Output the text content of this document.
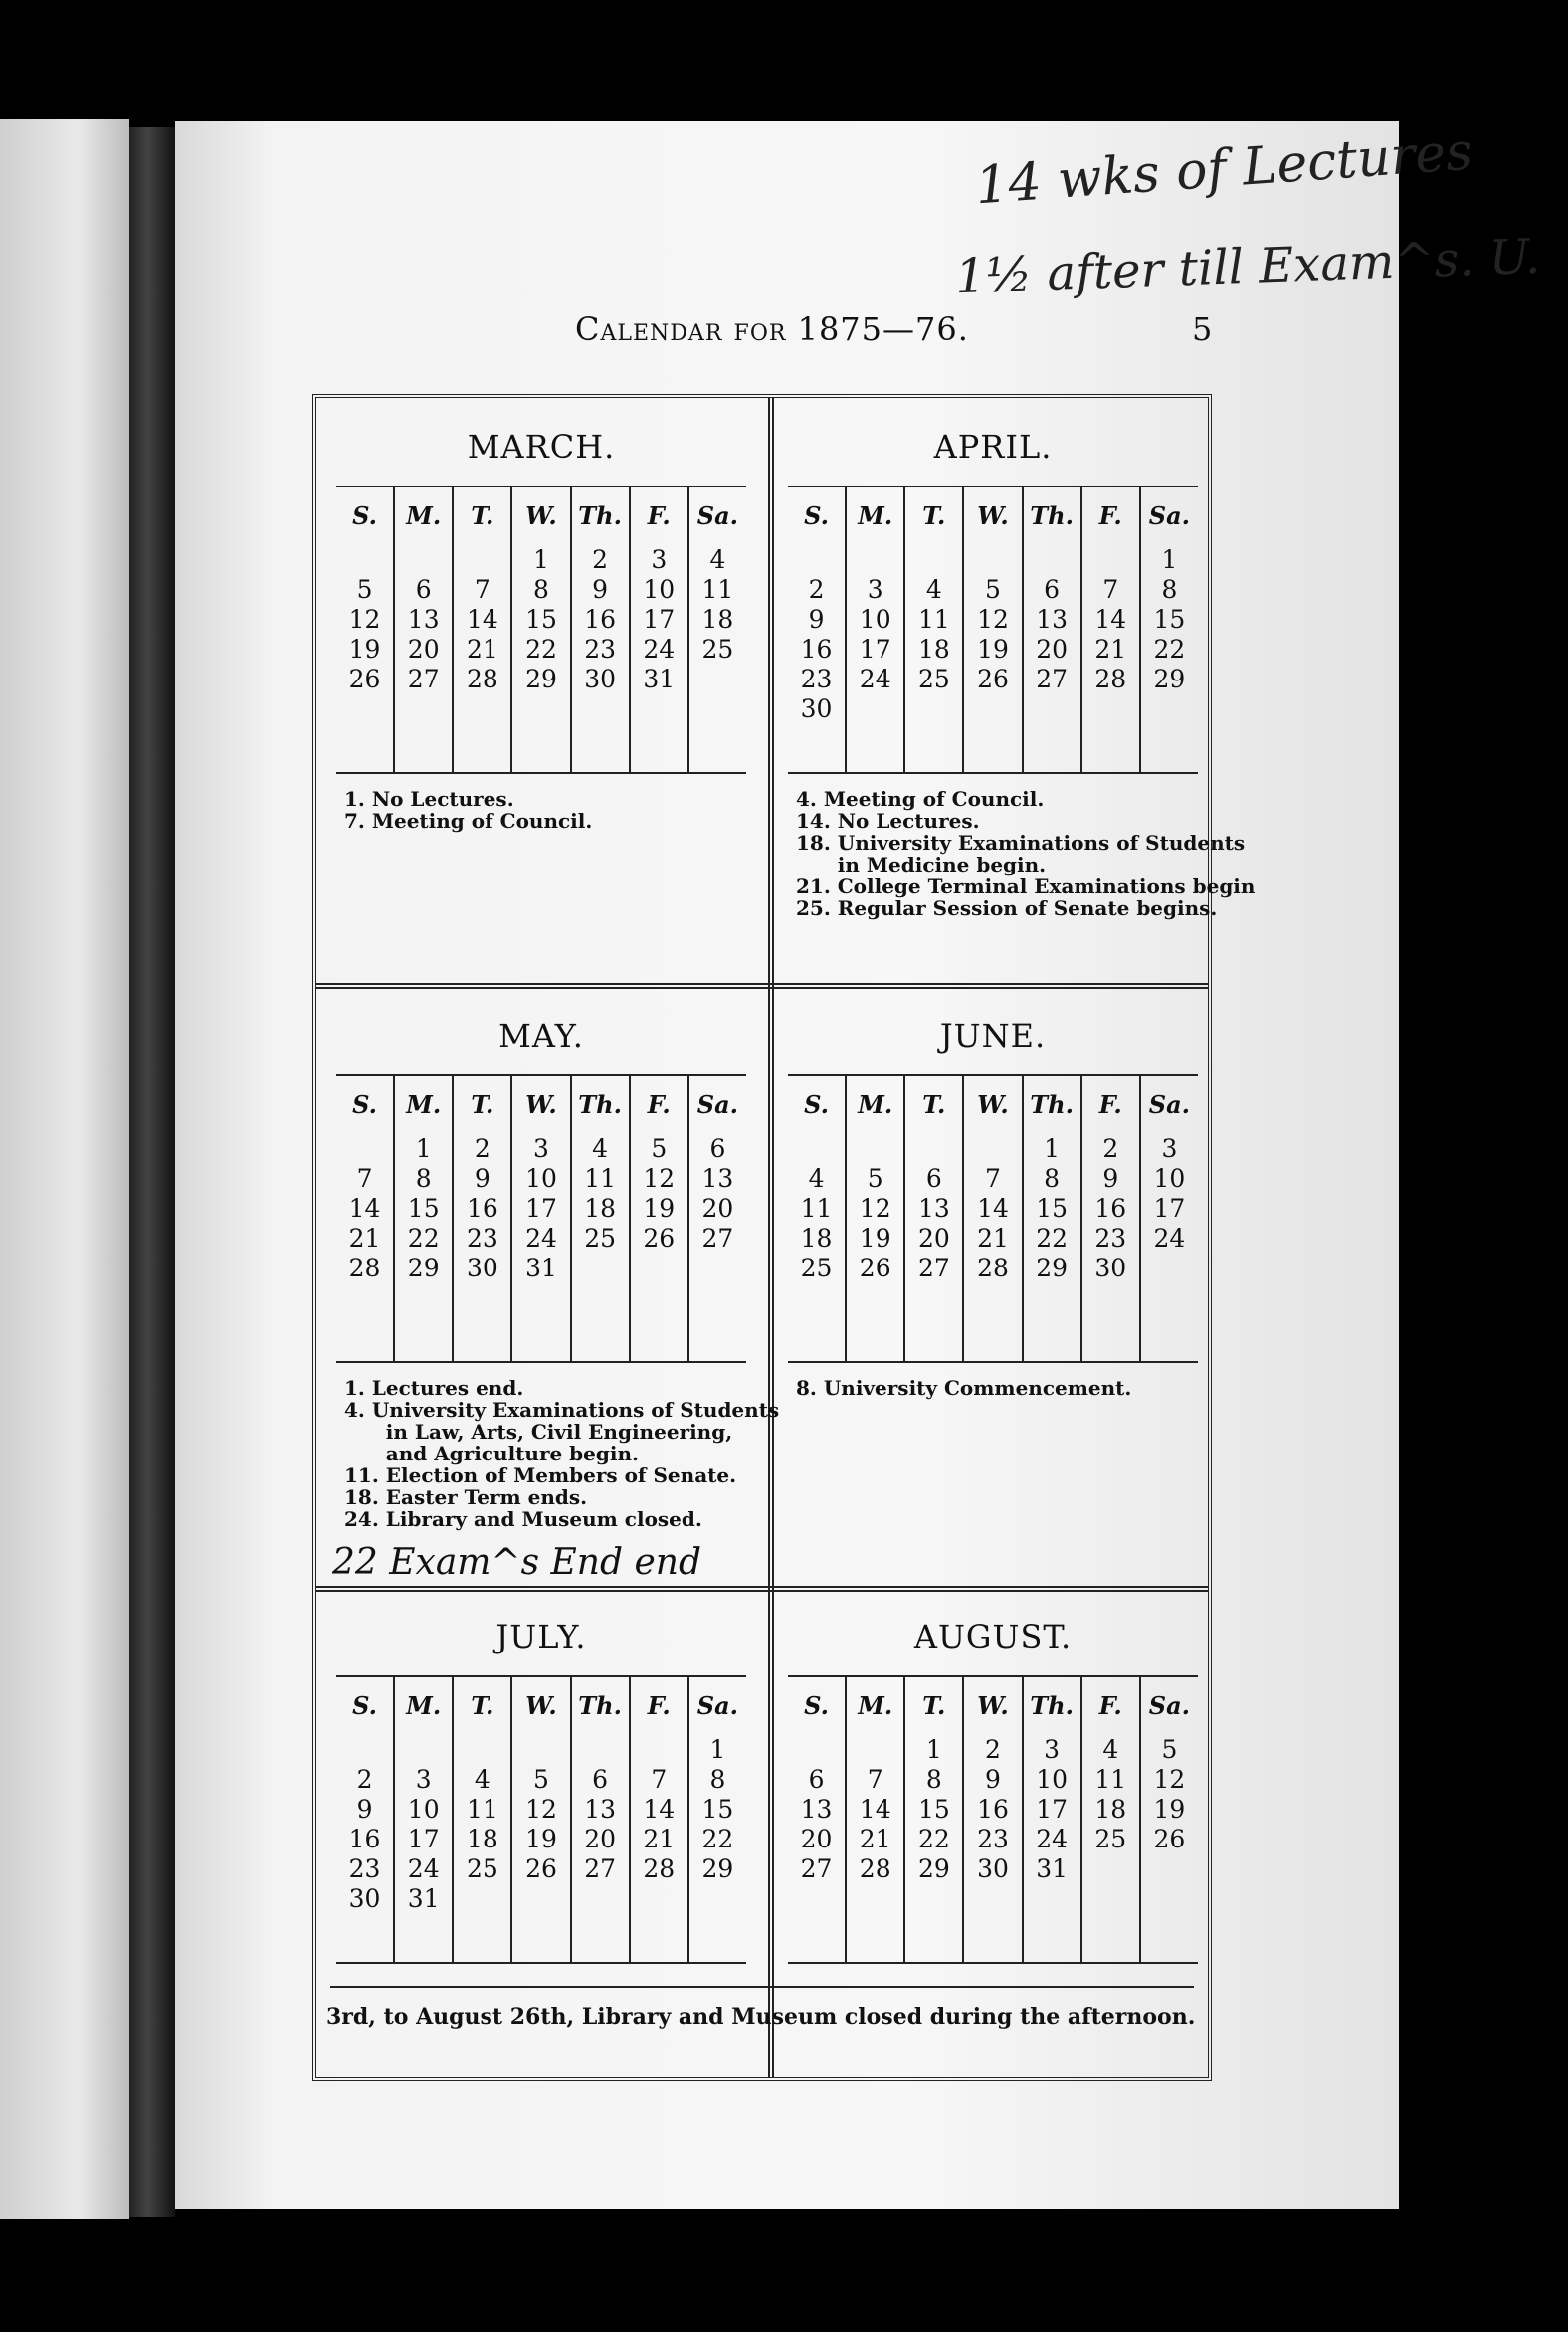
14 wks of Lectures
1½ after till Exam^s. U.
Calendar for 1875—76.	5
MARCH.
S.
5
12
19
26
M.
6
13
20
27
T.
7
14
21
28
W.
1
8
15
22
29
Th.
2
9
16
23
30
F.
3
10
17
24
31
Sa.
4
11
18
25
1. No Lectures.
7. Meeting of Council.
APRIL.
S.
2
9
16
23
30
M.
3
10
17
24
T.
4
11
18
25
W.
5
12
19
26
Th.
6
13
20
27
F.
7
14
21
28
Sa.
1
8
15
22
29
4. Meeting of Council.
14. No Lectures.
18. University Examinations of Students
in Medicine begin.
21. College Terminal Examinations begin
25. Regular Session of Senate begins.
MAY.
S.
7
14
21
28
M.
1
8
15
22
29
T.
2
9
16
23
30
W.
3
10
17
24
31
Th.
4
11
18
25
F.
5
12
19
26
Sa.
6
13
20
27
1. Lectures end.
4. University Examinations of Students
in Law, Arts, Civil Engineering,
and Agriculture begin.
11. Election of Members of Senate.
18. Easter Term ends.
24. Library and Museum closed.
JUNE.
S.
4
11
18
25
M.
5
12
19
26
T.
6
13
20
27
W.
7
14
21
28
Th.
1
8
15
22
29
F.
2
9
16
23
30
Sa.
3
10
17
24
8. University Commencement.
JULY.
S.
2
9
16
23
30
M.
3
10
17
24
31
T.
4
11
18
25
W.
5
12
19
26
Th.
6
13
20
27
F.
7
14
21
28
Sa.
1
8
15
22
29
AUGUST.
S.
6
13
20
27
M.
7
14
21
28
T.
1
8
15
22
29
W.
2
9
16
23
30
Th.
3
10
17
24
31
F.
4
11
18
25
Sa.
5
12
19
26
22 Exam^s End end
3rd, to August 26th, Library and Museum closed during the afternoon.
